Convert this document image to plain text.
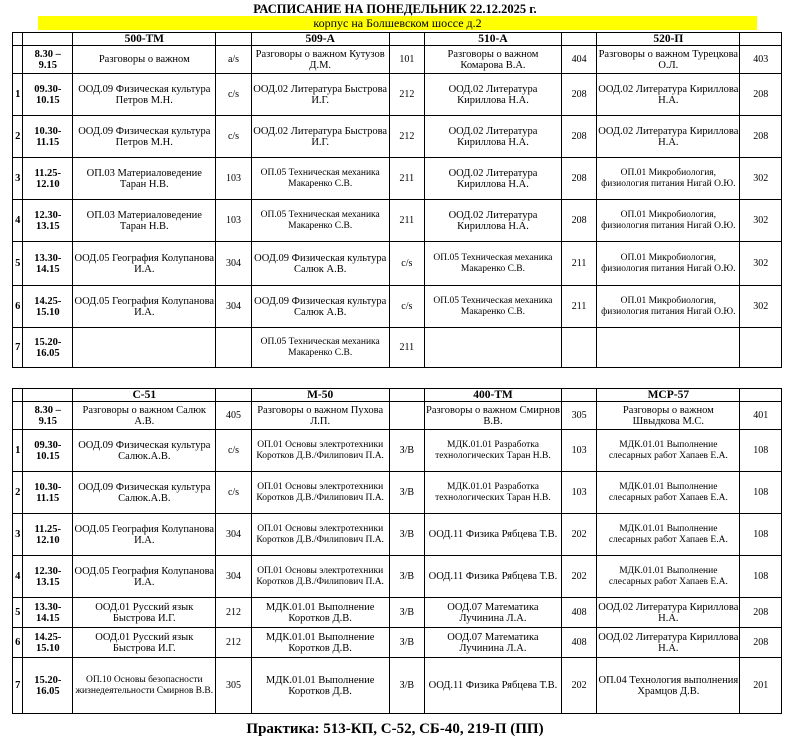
РАСПИСАНИЕ НА ПОНЕДЕЛЬНИК 22.12.2025 г.
корпус на Болшевском шоссе д.2
		500-ТМ		509-А		510-А		520-П	
	8.30 – 9.15	Разговоры о важном	а/s	Разговоры о важном Кутузов Д.М.	101	Разговоры о важном Комарова В.А.	404	Разговоры о важном Турецкова О.Л.	403
1	09.30- 10.15	ООД.09 Физическая культура Петров М.Н.	с/s	ООД.02 Литература Быстрова И.Г.	212	ООД.02 Литература Кириллова Н.А.	208	ООД.02 Литература Кириллова Н.А.	208
2	10.30- 11.15	ООД.09 Физическая культура Петров М.Н.	с/s	ООД.02 Литература Быстрова И.Г.	212	ООД.02 Литература Кириллова Н.А.	208	ООД.02 Литература Кириллова Н.А.	208
3	11.25- 12.10	ОП.03 Материаловедение Таран Н.В.	103	ОП.05 Техническая механика Макаренко С.В.	211	ООД.02 Литература Кириллова Н.А.	208	ОП.01 Микробиология, физиология питания Нигай О.Ю.	302
4	12.30- 13.15	ОП.03 Материаловедение Таран Н.В.	103	ОП.05 Техническая механика Макаренко С.В.	211	ООД.02 Литература Кириллова Н.А.	208	ОП.01 Микробиология, физиология питания Нигай О.Ю.	302
5	13.30- 14.15	ООД.05 География Колупанова И.А.	304	ООД.09 Физическая культура Салюк А.В.	с/s	ОП.05 Техническая механика Макаренко С.В.	211	ОП.01 Микробиология, физиология питания Нигай О.Ю.	302
6	14.25- 15.10	ООД.05 География Колупанова И.А.	304	ООД.09 Физическая культура Салюк А.В.	с/s	ОП.05 Техническая механика Макаренко С.В.	211	ОП.01 Микробиология, физиология питания Нигай О.Ю.	302
7	15.20- 16.05			ОП.05 Техническая механика Макаренко С.В.	211				
		С-51		М-50		400-ТМ		МСР-57	
	8.30 – 9.15	Разговоры о важном Салюк А.В.	405	Разговоры о важном Пухова Л.П.		Разговоры о важном Смирнов В.В.	305	Разговоры о важном Швыдкова М.С.	401
1	09.30- 10.15	ООД.09 Физическая культура Салюк.А.В.	с/s	ОП.01 Основы электротехники Коротков Д.В./Филипович П.А.	З/В	МДК.01.01 Разработка технологических Таран Н.В.	103	МДК.01.01 Выполнение слесарных работ Хапаев Е.А.	108
2	10.30- 11.15	ООД.09 Физическая культура Салюк.А.В.	с/s	ОП.01 Основы электротехники Коротков Д.В./Филипович П.А.	З/В	МДК.01.01 Разработка технологических Таран Н.В.	103	МДК.01.01 Выполнение слесарных работ Хапаев Е.А.	108
3	11.25- 12.10	ООД.05 География Колупанова И.А.	304	ОП.01 Основы электротехники Коротков Д.В./Филипович П.А.	З/В	ООД.11 Физика Рябцева Т.В.	202	МДК.01.01 Выполнение слесарных работ Хапаев Е.А.	108
4	12.30- 13.15	ООД.05 География Колупанова И.А.	304	ОП.01 Основы электротехники Коротков Д.В./Филипович П.А.	З/В	ООД.11 Физика Рябцева Т.В.	202	МДК.01.01 Выполнение слесарных работ Хапаев Е.А.	108
5	13.30- 14.15	ООД.01 Русский язык Быстрова И.Г.	212	МДК.01.01 Выполнение Коротков Д.В.	З/В	ООД.07 Математика Лучинина Л.А.	408	ООД.02 Литература Кириллова Н.А.	208
6	14.25- 15.10	ООД.01 Русский язык Быстрова И.Г.	212	МДК.01.01 Выполнение Коротков Д.В.	З/В	ООД.07 Математика Лучинина Л.А.	408	ООД.02 Литература Кириллова Н.А.	208
7	15.20- 16.05	ОП.10 Основы безопасности жизнедеятельности Смирнов В.В.	305	МДК.01.01 Выполнение Коротков Д.В.	З/В	ООД.11 Физика Рябцева Т.В.	202	ОП.04 Технология выполнения Храмцов Д.В.	201
Практика: 513-КП, С-52, СБ-40, 219-П (ПП)
